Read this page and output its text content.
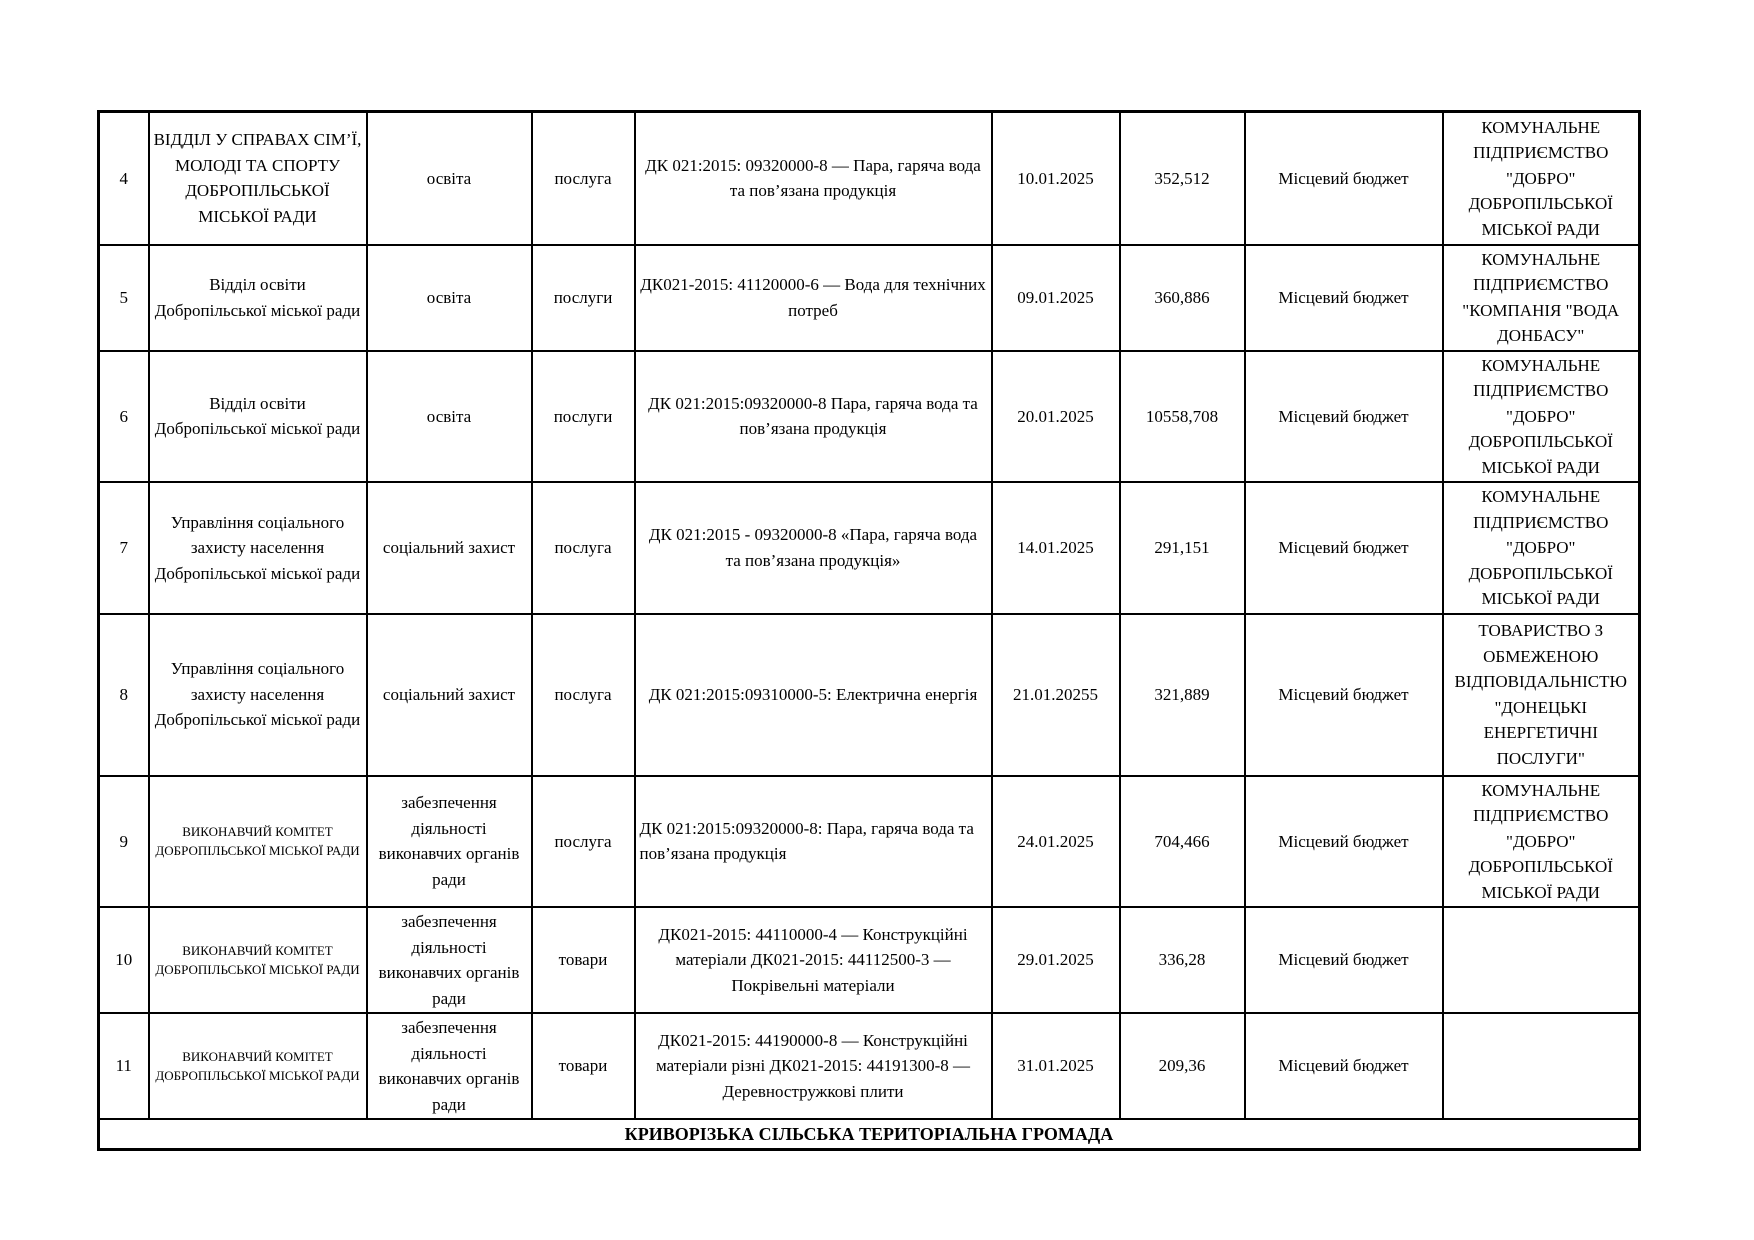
4	ВІДДІЛ У СПРАВАХ СІМ’Ї, МОЛОДІ ТА СПОРТУ ДОБРОПІЛЬСЬКОЇ МІСЬКОЇ РАДИ	освіта	послуга	ДК 021:2015: 09320000-8 — Пара, гаряча вода та пов’язана продукція	10.01.2025	352,512	Місцевий бюджет	КОМУНАЛЬНЕ ПІДПРИЄМСТВО "ДОБРО" ДОБРОПІЛЬСЬКОЇ МІСЬКОЇ РАДИ
5	Відділ освіти Добропільської міської ради	освіта	послуги	ДК021-2015: 41120000-6 — Вода для технічних потреб	09.01.2025	360,886	Місцевий бюджет	КОМУНАЛЬНЕ ПІДПРИЄМСТВО "КОМПАНІЯ "ВОДА ДОНБАСУ"
6	Відділ освіти Добропільської міської ради	освіта	послуги	ДК 021:2015:09320000-8 Пара, гаряча вода та пов’язана продукція	20.01.2025	10558,708	Місцевий бюджет	КОМУНАЛЬНЕ ПІДПРИЄМСТВО "ДОБРО" ДОБРОПІЛЬСЬКОЇ МІСЬКОЇ РАДИ
7	Управління соціального захисту населення Добропільської міської ради	соціальний захист	послуга	ДК 021:2015 - 09320000-8 «Пара, гаряча вода та пов’язана продукція»	14.01.2025	291,151	Місцевий бюджет	КОМУНАЛЬНЕ ПІДПРИЄМСТВО "ДОБРО" ДОБРОПІЛЬСЬКОЇ МІСЬКОЇ РАДИ
8	Управління соціального захисту населення Добропільської міської ради	соціальний захист	послуга	ДК 021:2015:09310000-5: Електрична енергія	21.01.20255	321,889	Місцевий бюджет	ТОВАРИСТВО З ОБМЕЖЕНОЮ ВІДПОВІДАЛЬНІСТЮ "ДОНЕЦЬКІ ЕНЕРГЕТИЧНІ ПОСЛУГИ"
9	ВИКОНАВЧИЙ КОМІТЕТ ДОБРОПІЛЬСЬКОЇ МІСЬКОЇ РАДИ	забезпечення діяльності виконавчих органів ради	послуга	ДК 021:2015:09320000-8: Пара, гаряча вода та пов’язана продукція	24.01.2025	704,466	Місцевий бюджет	КОМУНАЛЬНЕ ПІДПРИЄМСТВО "ДОБРО" ДОБРОПІЛЬСЬКОЇ МІСЬКОЇ РАДИ
10	ВИКОНАВЧИЙ КОМІТЕТ ДОБРОПІЛЬСЬКОЇ МІСЬКОЇ РАДИ	забезпечення діяльності виконавчих органів ради	товари	ДК021-2015: 44110000-4 — Конструкційні матеріали ДК021-2015: 44112500-3 — Покрівельні матеріали	29.01.2025	336,28	Місцевий бюджет	
11	ВИКОНАВЧИЙ КОМІТЕТ ДОБРОПІЛЬСЬКОЇ МІСЬКОЇ РАДИ	забезпечення діяльності виконавчих органів ради	товари	ДК021-2015: 44190000-8 — Конструкційні матеріали різні ДК021-2015: 44191300-8 — Деревностружкові плити	31.01.2025	209,36	Місцевий бюджет	
КРИВОРІЗЬКА СІЛЬСЬКА ТЕРИТОРІАЛЬНА ГРОМАДА								
